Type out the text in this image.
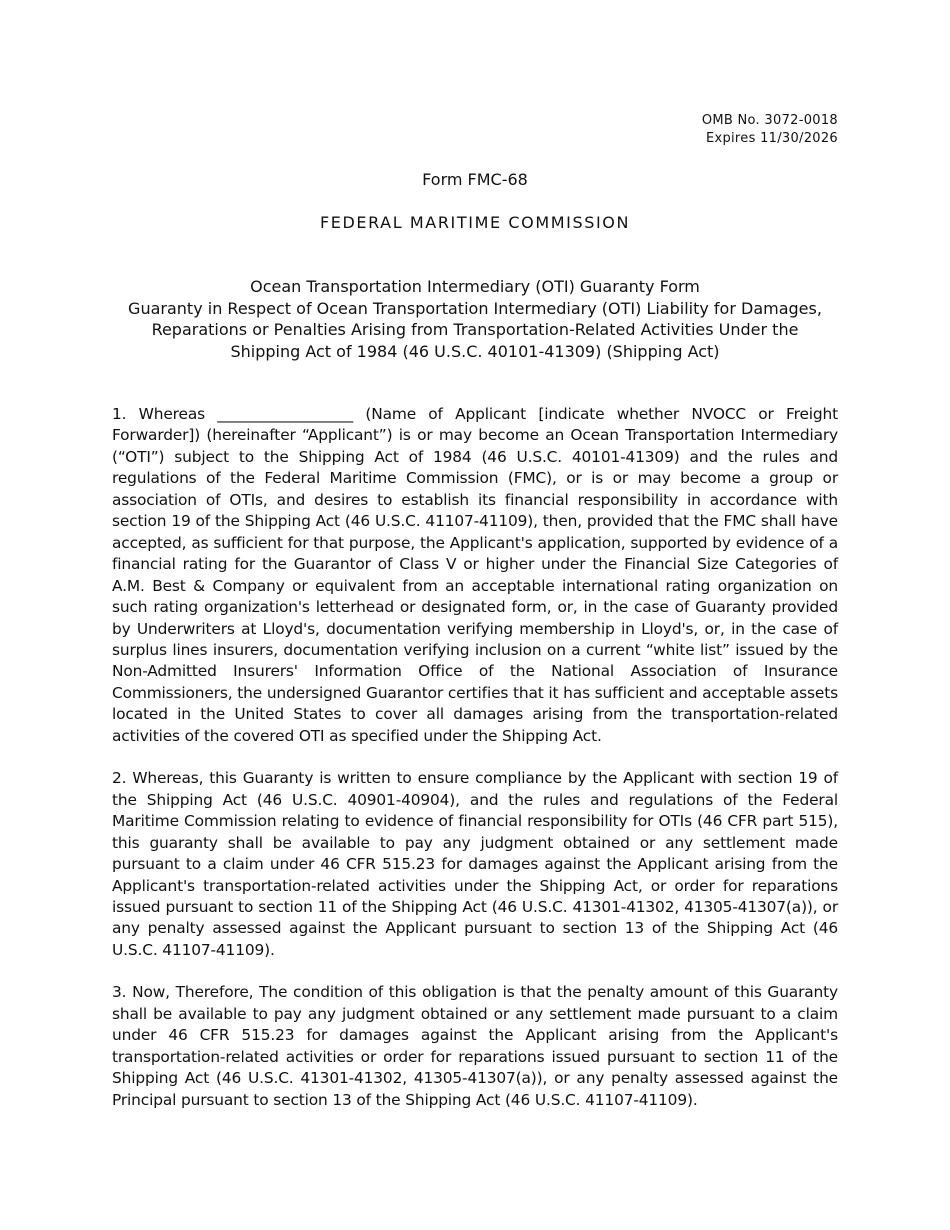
OMB No. 3072-0018
Expires 11/30/2026
Form FMC-68
FEDERAL MARITIME COMMISSION
Ocean Transportation Intermediary (OTI) Guaranty Form
Guaranty in Respect of Ocean Transportation Intermediary (OTI) Liability for Damages,
Reparations or Penalties Arising from Transportation-Related Activities Under the
Shipping Act of 1984 (46 U.S.C. 40101-41309) (Shipping Act)

1. Whereas __________________ (Name of Applicant [indicate whether NVOCC or Freight Forwarder]) (hereinafter “Applicant”) is or may become an Ocean Transportation Intermediary (“OTI”) subject to the Shipping Act of 1984 (46 U.S.C. 40101-41309) and the rules and regulations of the Federal Maritime Commission (FMC), or is or may become a group or association of OTIs, and desires to establish its financial responsibility in accordance with section 19 of the Shipping Act (46 U.S.C. 41107-41109), then, provided that the FMC shall have accepted, as sufficient for that purpose, the Applicant's application, supported by evidence of a financial rating for the Guarantor of Class V or higher under the Financial Size Categories of A.M. Best & Company or equivalent from an acceptable international rating organization on such rating organization's letterhead or designated form, or, in the case of Guaranty provided by Underwriters at Lloyd's, documentation verifying membership in Lloyd's, or, in the case of surplus lines insurers, documentation verifying inclusion on a current “white list” issued by the Non-Admitted Insurers' Information Office of the National Association of Insurance Commissioners, the undersigned Guarantor certifies that it has sufficient and acceptable assets located in the United States to cover all damages arising from the transportation-related activities of the covered OTI as specified under the Shipping Act.

2. Whereas, this Guaranty is written to ensure compliance by the Applicant with section 19 of the Shipping Act (46 U.S.C. 40901-40904), and the rules and regulations of the Federal Maritime Commission relating to evidence of financial responsibility for OTIs (46 CFR part 515), this guaranty shall be available to pay any judgment obtained or any settlement made pursuant to a claim under 46 CFR 515.23 for damages against the Applicant arising from the Applicant's transportation-related activities under the Shipping Act, or order for reparations issued pursuant to section 11 of the Shipping Act (46 U.S.C. 41301-41302, 41305-41307(a)), or any penalty assessed against the Applicant pursuant to section 13 of the Shipping Act (46 U.S.C. 41107-41109).

3. Now, Therefore, The condition of this obligation is that the penalty amount of this Guaranty shall be available to pay any judgment obtained or any settlement made pursuant to a claim under 46 CFR 515.23 for damages against the Applicant arising from the Applicant's transportation-related activities or order for reparations issued pursuant to section 11 of the Shipping Act (46 U.S.C. 41301-41302, 41305-41307(a)), or any penalty assessed against the Principal pursuant to section 13 of the Shipping Act (46 U.S.C. 41107-41109).
